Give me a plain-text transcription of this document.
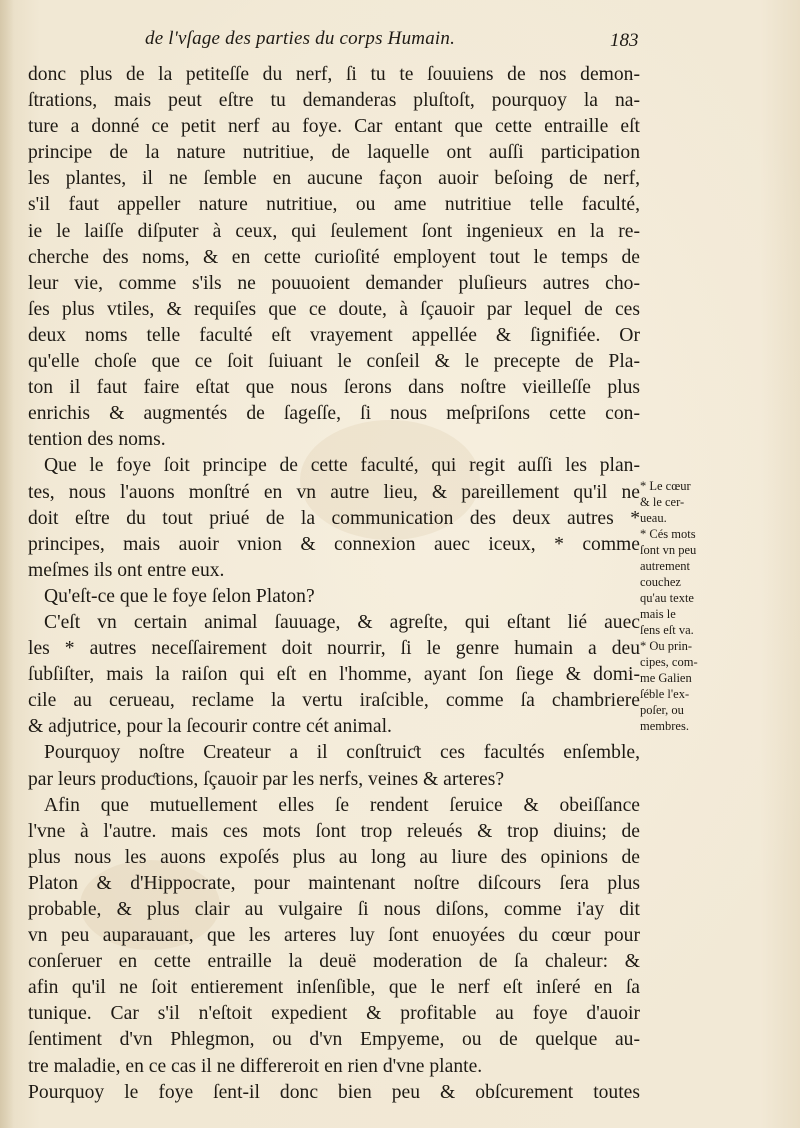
de l'vſage des parties du corps Humain.	183
donc plus de la petiteſſe du nerf, ſi tu te ſouuiens de nos demon-
ſtrations, mais peut eſtre tu demanderas pluſtoſt, pourquoy la na-
ture a donné ce petit nerf au foye. Car entant que cette entraille eſt
principe de la nature nutritiue, de laquelle ont auſſi participation
les plantes, il ne ſemble en aucune façon auoir beſoing de nerf,
s'il faut appeller nature nutritiue, ou ame nutritiue telle faculté,
ie le laiſſe diſputer à ceux, qui ſeulement ſont ingenieux en la re-
cherche des noms, & en cette curioſité employent tout le temps de
leur vie, comme s'ils ne pouuoient demander pluſieurs autres cho-
ſes plus vtiles, & requiſes que ce doute, à ſçauoir par lequel de ces
deux noms telle faculté eſt vrayement appellée & ſignifiée. Or
qu'elle choſe que ce ſoit ſuiuant le conſeil & le precepte de Pla-
ton il faut faire eſtat que nous ſerons dans noſtre vieilleſſe plus
enrichis & augmentés de ſageſſe, ſi nous meſpriſons cette con-
tention des noms.
Que le foye ſoit principe de cette faculté, qui regit auſſi les plan-
tes, nous l'auons monſtré en vn autre lieu, & pareillement qu'il ne
doit eſtre du tout priué de la communication des deux autres *
principes, mais auoir vnion & connexion auec iceux, * comme
meſmes ils ont entre eux.
Qu'eſt-ce que le foye ſelon Platon?
C'eſt vn certain animal ſauuage, & agreſte, qui eſtant lié auec
les * autres neceſſairement doit nourrir, ſi le genre humain a deu
ſubſiſter, mais la raiſon qui eſt en l'homme, ayant ſon ſiege & domi-
cile au cerueau, reclame la vertu iraſcible, comme ſa chambriere
& adjutrice, pour la ſecourir contre cét animal.
Pourquoy noſtre Createur a il conſtruiƈt ces facultés enſemble,
par leurs produƈtions, ſçauoir par les nerfs, veines & arteres?
Afin que mutuellement elles ſe rendent ſeruice & obeiſſance
l'vne à l'autre. mais ces mots ſont trop releués & trop diuins; de
plus nous les auons expoſés plus au long au liure des opinions de
Platon & d'Hippocrate, pour maintenant noſtre diſcours ſera plus
probable, & plus clair au vulgaire ſi nous diſons, comme i'ay dit
vn peu auparauant, que les arteres luy ſont enuoyées du cœur pour
conſeruer en cette entraille la deuë moderation de ſa chaleur: &
afin qu'il ne ſoit entierement inſenſible, que le nerf eſt inſeré en ſa
tunique. Car s'il n'eſtoit expedient & profitable au foye d'auoir
ſentiment d'vn Phlegmon, ou d'vn Empyeme, ou de quelque au-
tre maladie, en ce cas il ne differeroit en rien d'vne plante.
Pourquoy le foye ſent-il donc bien peu & obſcurement toutes
* Le cœur
& le cer-
ueau.
* Cés mots
ſont vn peu
autrement
couchez
qu'au texte
mais le
ſens eſt va.
* Ou prin-
cipes, com-
me Galien
ſéble l'ex-
poſer, ou
membres.
